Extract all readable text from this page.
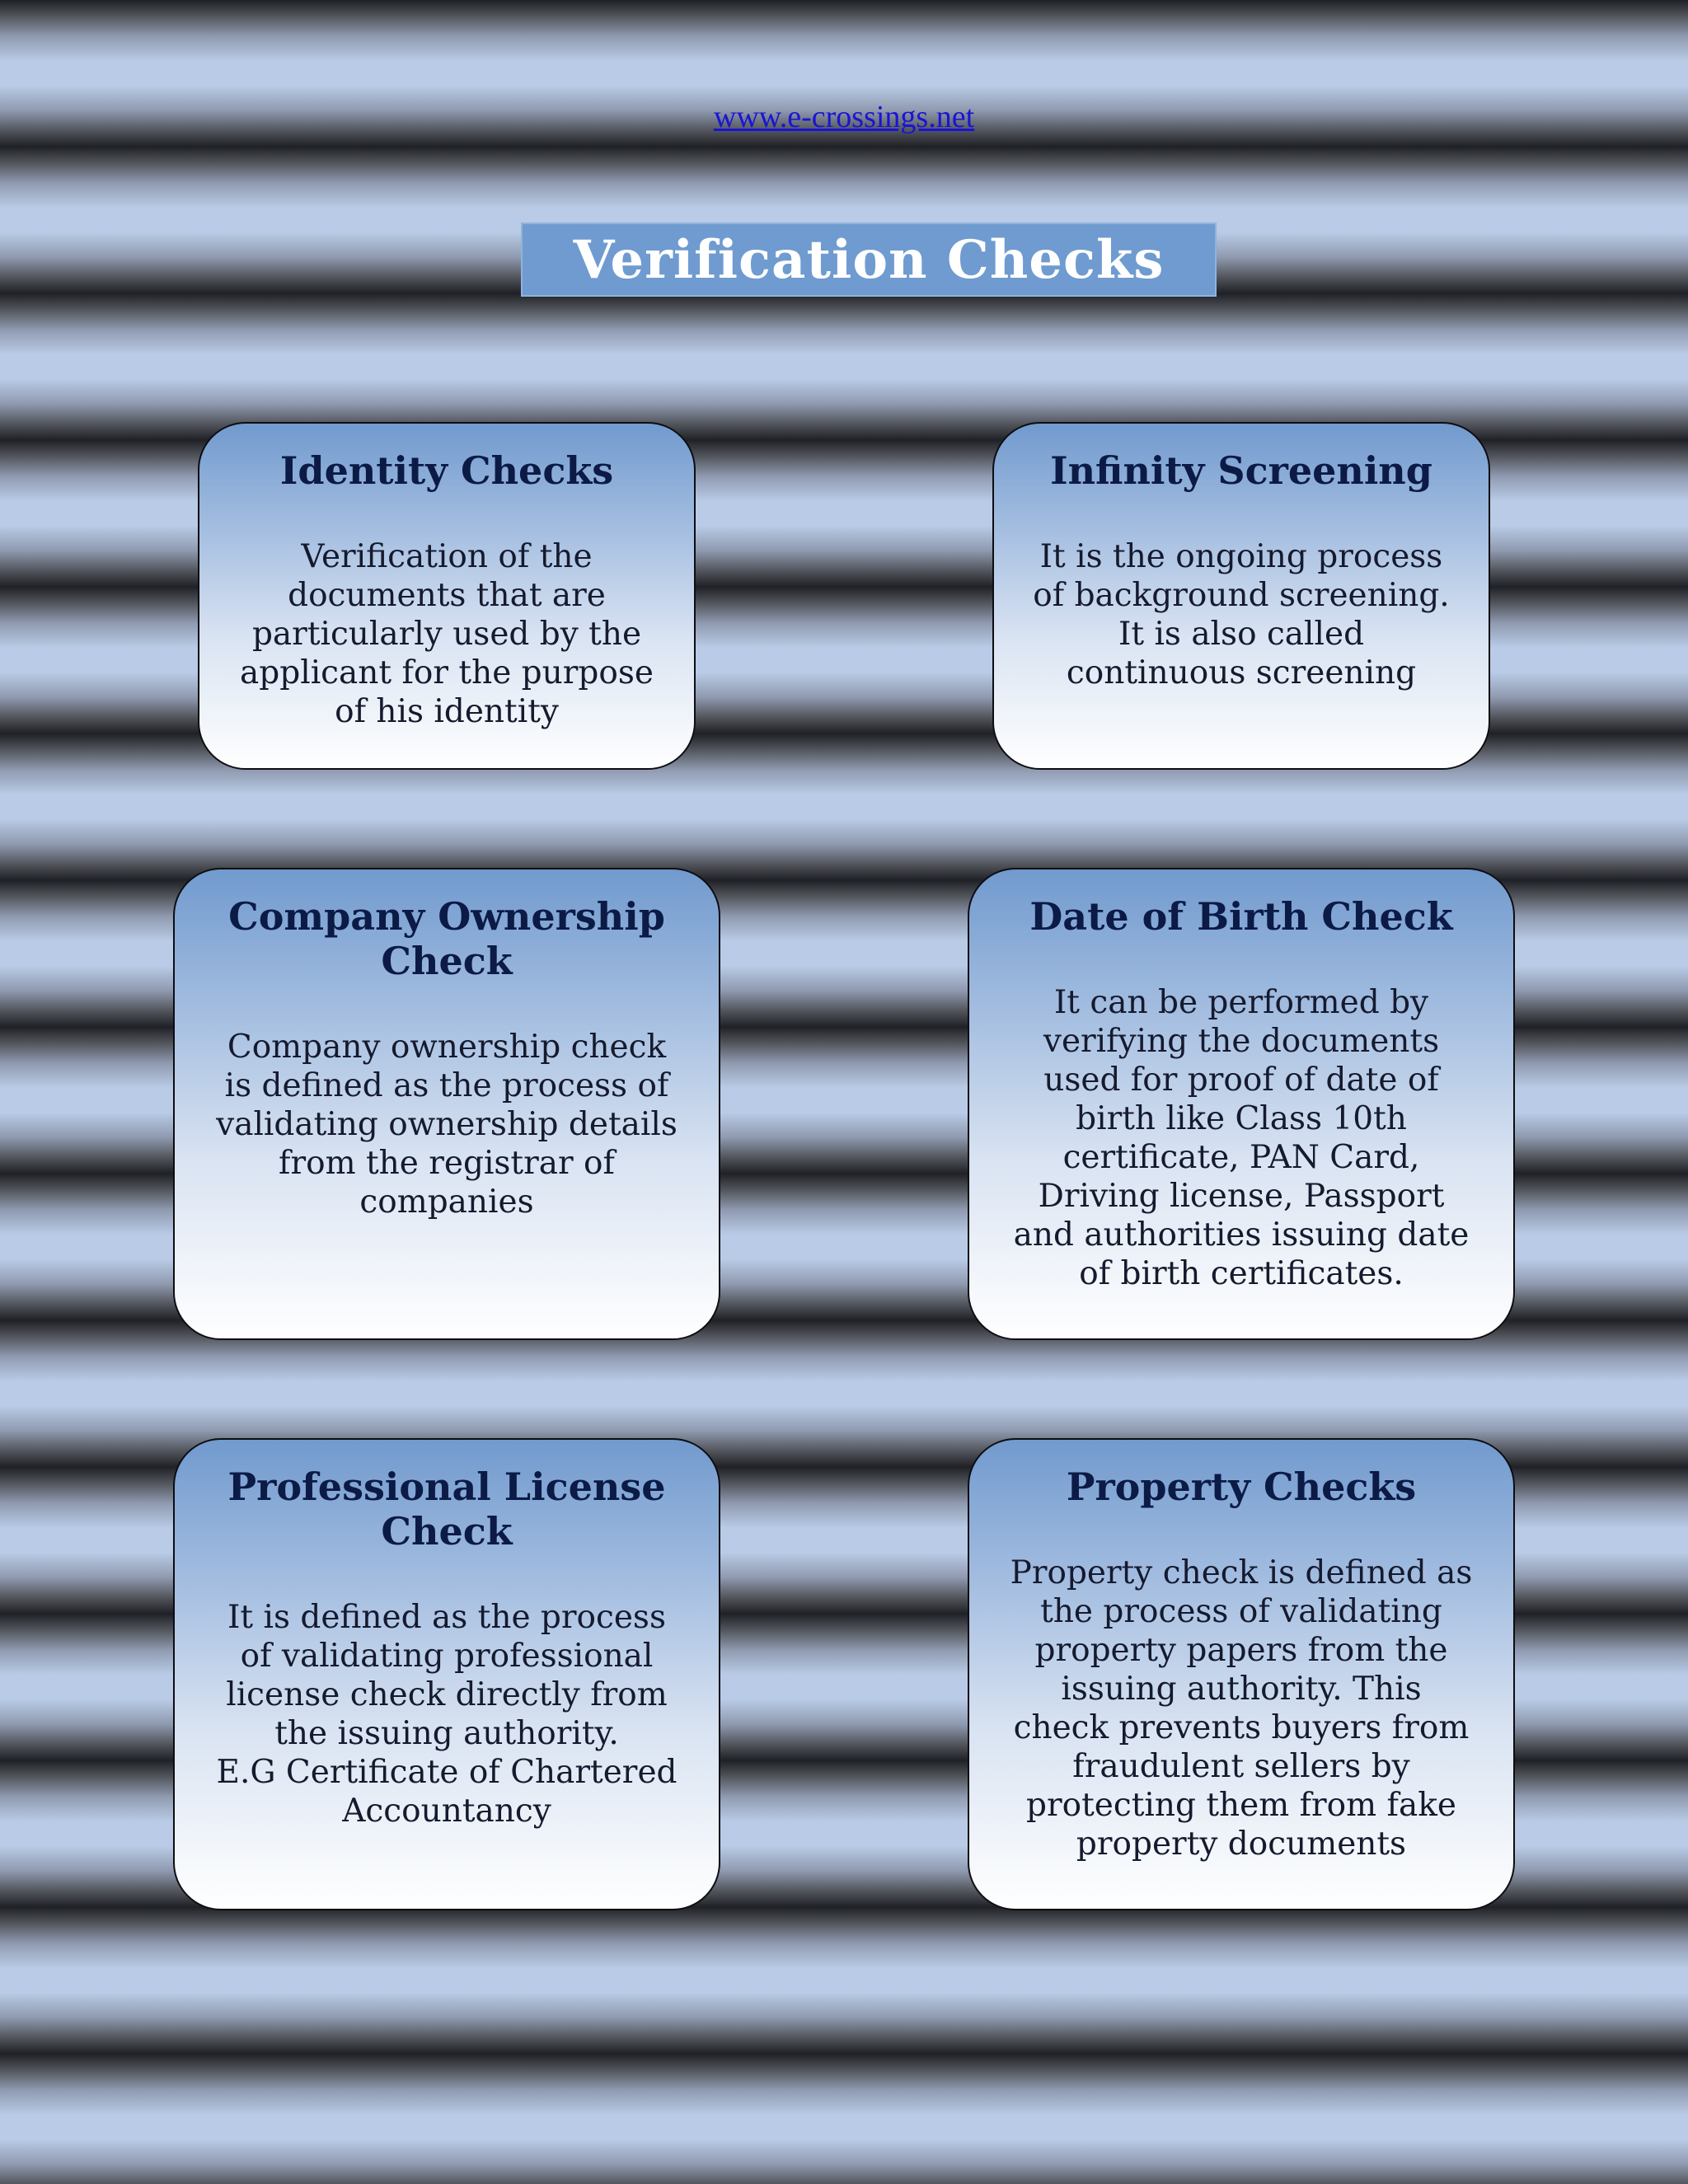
www.e-crossings.net
Verification Checks
Identity Checks
Verification of the
documents that are
particularly used by the
applicant for the purpose
of his identity
Infinity Screening
It is the ongoing process
of background screening.
It is also called
continuous screening
Company Ownership
Check
Company ownership check
is defined as the process of
validating ownership details
from the registrar of
companies
Date of Birth Check
It can be performed by
verifying the documents
used for proof of date of
birth like Class 10th
certificate, PAN Card,
Driving license, Passport
and authorities issuing date
of birth certificates.
Professional License
Check
It is defined as the process
of validating professional
license check directly from
the issuing authority.
E.G Certificate of Chartered
Accountancy
Property Checks
Property check is defined as
the process of validating
property papers from the
issuing authority. This
check prevents buyers from
fraudulent sellers by
protecting them from fake
property documents
